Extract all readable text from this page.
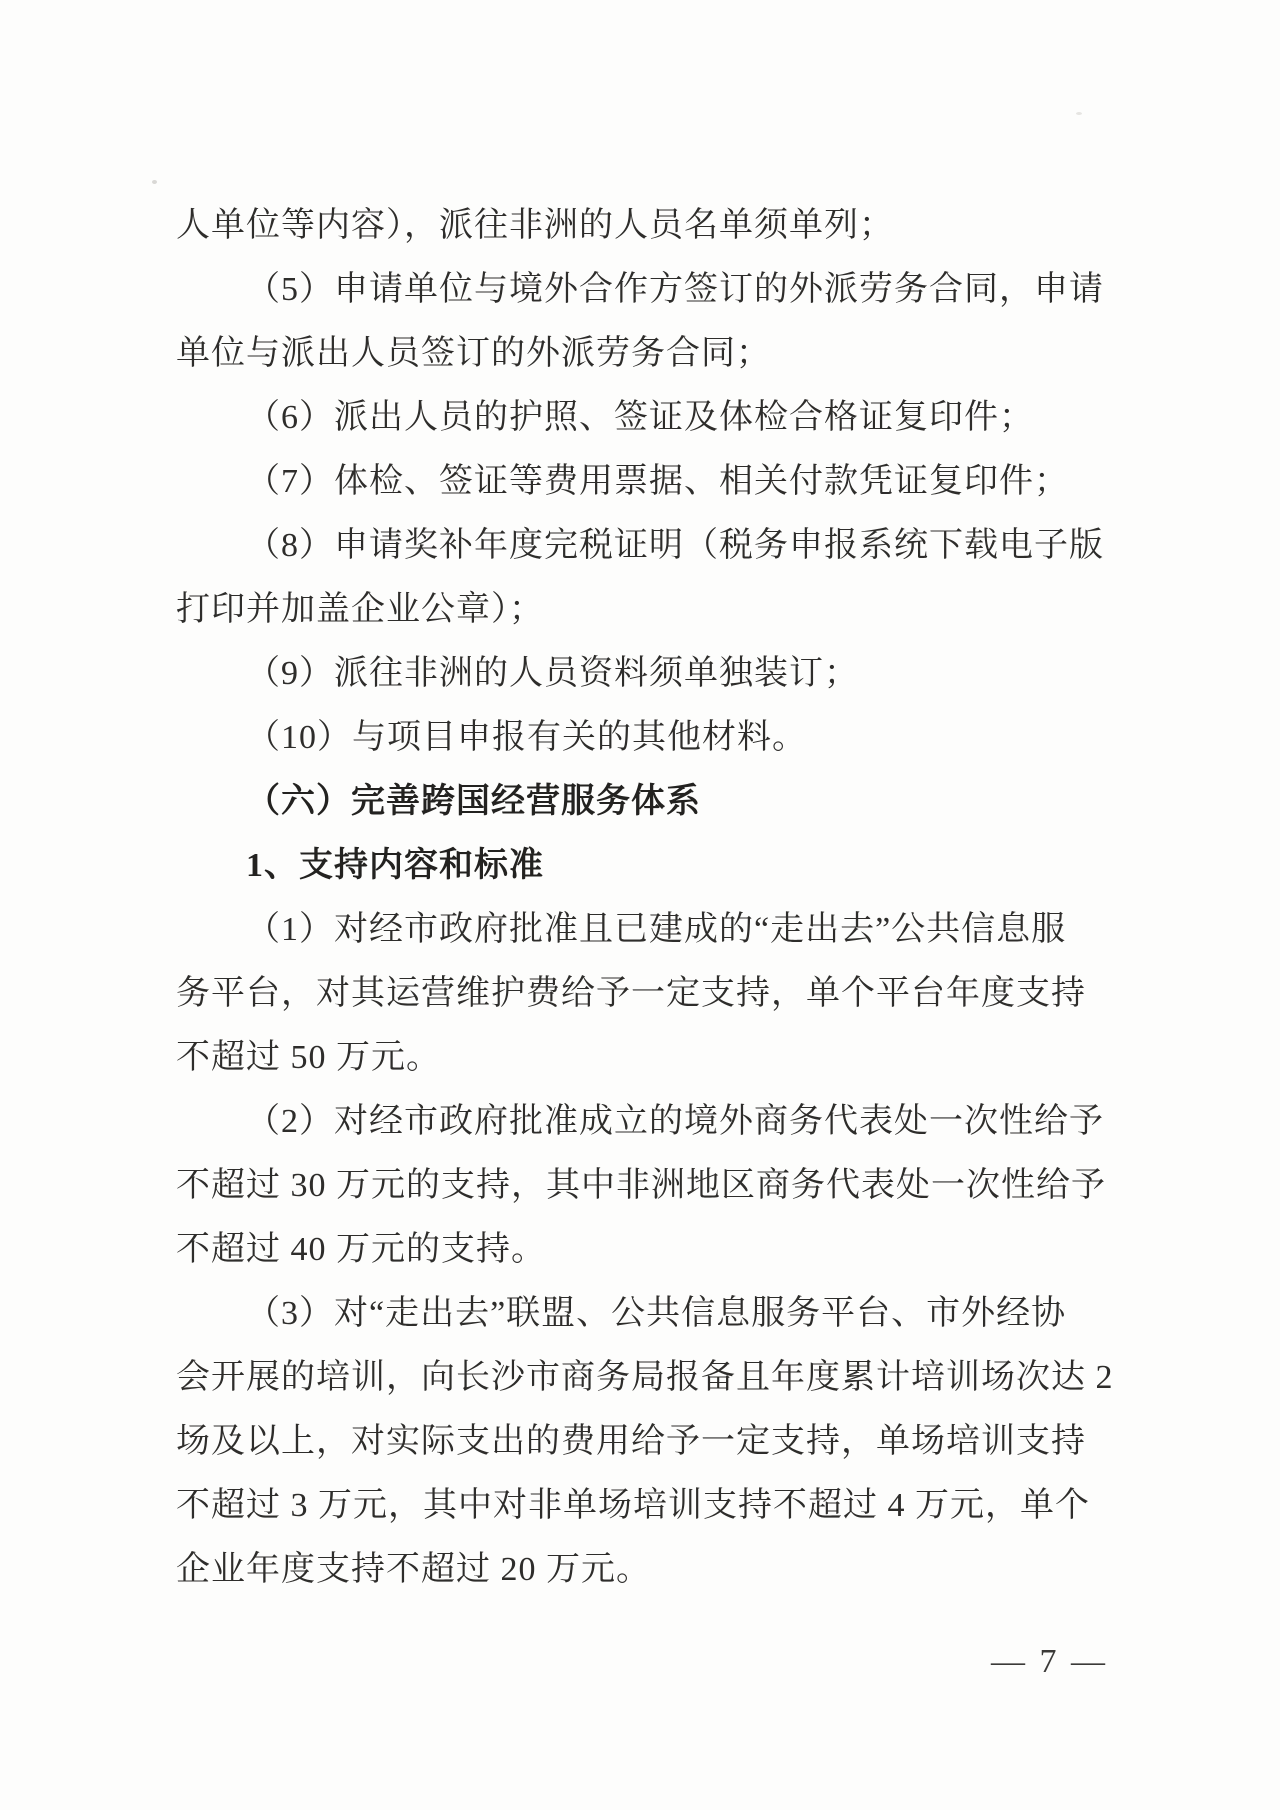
人单位等内容），派往非洲的人员名单须单列；
（5）申请单位与境外合作方签订的外派劳务合同，申请
单位与派出人员签订的外派劳务合同；
（6）派出人员的护照、签证及体检合格证复印件；
（7）体检、签证等费用票据、相关付款凭证复印件；
（8）申请奖补年度完税证明（税务申报系统下载电子版
打印并加盖企业公章）；
（9）派往非洲的人员资料须单独装订；
（10）与项目申报有关的其他材料。
（六）完善跨国经营服务体系
1、支持内容和标准
（1）对经市政府批准且已建成的“走出去”公共信息服
务平台，对其运营维护费给予一定支持，单个平台年度支持
不超过 50 万元。
（2）对经市政府批准成立的境外商务代表处一次性给予
不超过 30 万元的支持，其中非洲地区商务代表处一次性给予
不超过 40 万元的支持。
（3）对“走出去”联盟、公共信息服务平台、市外经协
会开展的培训，向长沙市商务局报备且年度累计培训场次达 2
场及以上，对实际支出的费用给予一定支持，单场培训支持
不超过 3 万元，其中对非单场培训支持不超过 4 万元，单个
企业年度支持不超过 20 万元。
— 7 —
